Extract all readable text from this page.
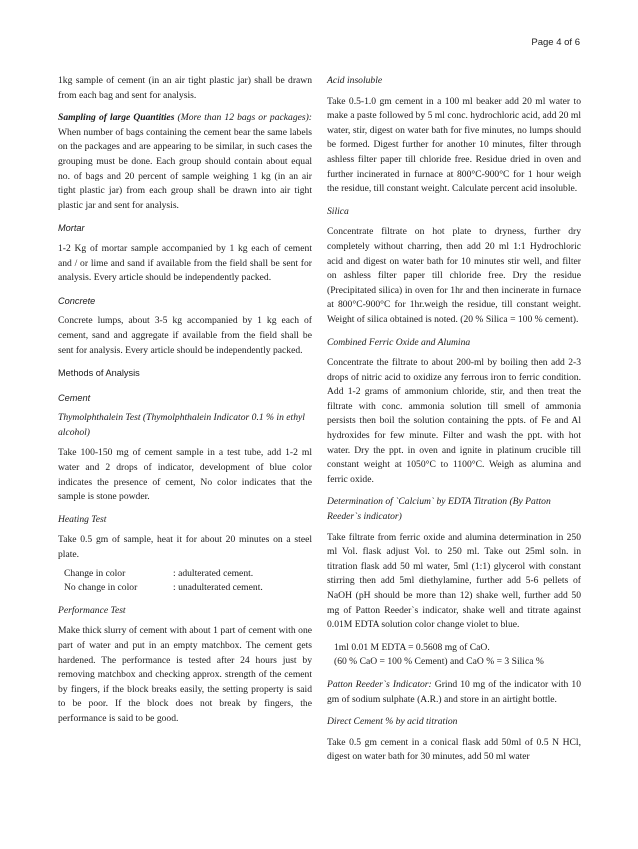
Page 4 of 6

1kg sample of cement (in an air tight plastic jar) shall be drawn from each bag and sent for analysis.

Sampling of large Quantities (More than 12 bags or packages): When number of bags containing the cement bear the same labels on the packages and are appearing to be similar, in such cases the grouping must be done. Each group should contain about equal no. of bags and 20 percent of sample weighing 1 kg (in an air tight plastic jar) from each group shall be drawn into air tight plastic jar and sent for analysis.

Mortar

1-2 Kg of mortar sample accompanied by 1 kg each of cement and / or lime and sand if available from the field shall be sent for analysis. Every article should be independently packed.

Concrete

Concrete lumps, about 3-5 kg accompanied by 1 kg each of cement, sand and aggregate if available from the field shall be sent for analysis. Every article should be independently packed.

Methods of Analysis
Cement
Thymolphthalein Test (Thymolphthalein Indicator 0.1 % in ethyl alcohol)

Take 100-150 mg of cement sample in a test tube, add 1-2 ml water and 2 drops of indicator, development of blue color indicates the presence of cement, No color indicates that the sample is stone powder.

Heating Test

Take 0.5 gm of sample, heat it for about 20 minutes on a steel plate.

Change in color	: adulterated cement.
No change in color	: unadulterated cement.
Performance Test

Make thick slurry of cement with about 1 part of cement with one part of water and put in an empty matchbox. The cement gets hardened. The performance is tested after 24 hours just by removing matchbox and checking approx. strength of the cement by fingers, if the block breaks easily, the setting property is said to be poor. If the block does not break by fingers, the performance is said to be good.

Acid insoluble

Take 0.5-1.0 gm cement in a 100 ml beaker add 20 ml water to make a paste followed by 5 ml conc. hydrochloric acid, add 20 ml water, stir, digest on water bath for five minutes, no lumps should be formed. Digest further for another 10 minutes, filter through ashless filter paper till chloride free. Residue dried in oven and further incinerated in furnace at 800°C-900°C for 1 hour weigh the residue, till constant weight. Calculate percent acid insoluble.

Silica

Concentrate filtrate on hot plate to dryness, further dry completely without charring, then add 20 ml 1:1 Hydrochloric acid and digest on water bath for 10 minutes stir well, and filter on ashless filter paper till chloride free. Dry the residue (Precipitated silica) in oven for 1hr and then incinerate in furnace at 800°C-900°C for 1hr.weigh the residue, till constant weight. Weight of silica obtained is noted. (20 % Silica = 100 % cement).

Combined Ferric Oxide and Alumina

Concentrate the filtrate to about 200-ml by boiling then add 2-3 drops of nitric acid to oxidize any ferrous iron to ferric condition. Add 1-2 grams of ammonium chloride, stir, and then treat the filtrate with conc. ammonia solution till smell of ammonia persists then boil the solution containing the ppts. of Fe and Al hydroxides for few minute. Filter and wash the ppt. with hot water. Dry the ppt. in oven and ignite in platinum crucible till constant weight at 1050°C to 1100°C. Weigh as alumina and ferric oxide.

Determination of `Calcium` by EDTA Titration (By Patton Reeder`s indicator)

Take filtrate from ferric oxide and alumina determination in 250 ml Vol. flask adjust Vol. to 250 ml. Take out 25ml soln. in titration flask add 50 ml water, 5ml (1:1) glycerol with constant stirring then add 5ml diethylamine, further add 5-6 pellets of NaOH (pH should be more than 12) shake well, further add 50 mg of Patton Reeder`s indicator, shake well and titrate against 0.01M EDTA solution color change violet to blue.

1ml 0.01 M EDTA = 0.5608 mg of CaO.
(60 % CaO = 100 % Cement) and CaO % = 3 Silica %

Patton Reeder`s Indicator: Grind 10 mg of the indicator with 10 gm of sodium sulphate (A.R.) and store in an airtight bottle.

Direct Cement % by acid titration

Take 0.5 gm cement in a conical flask add 50ml of 0.5 N HCl, digest on water bath for 30 minutes, add 50 ml water
